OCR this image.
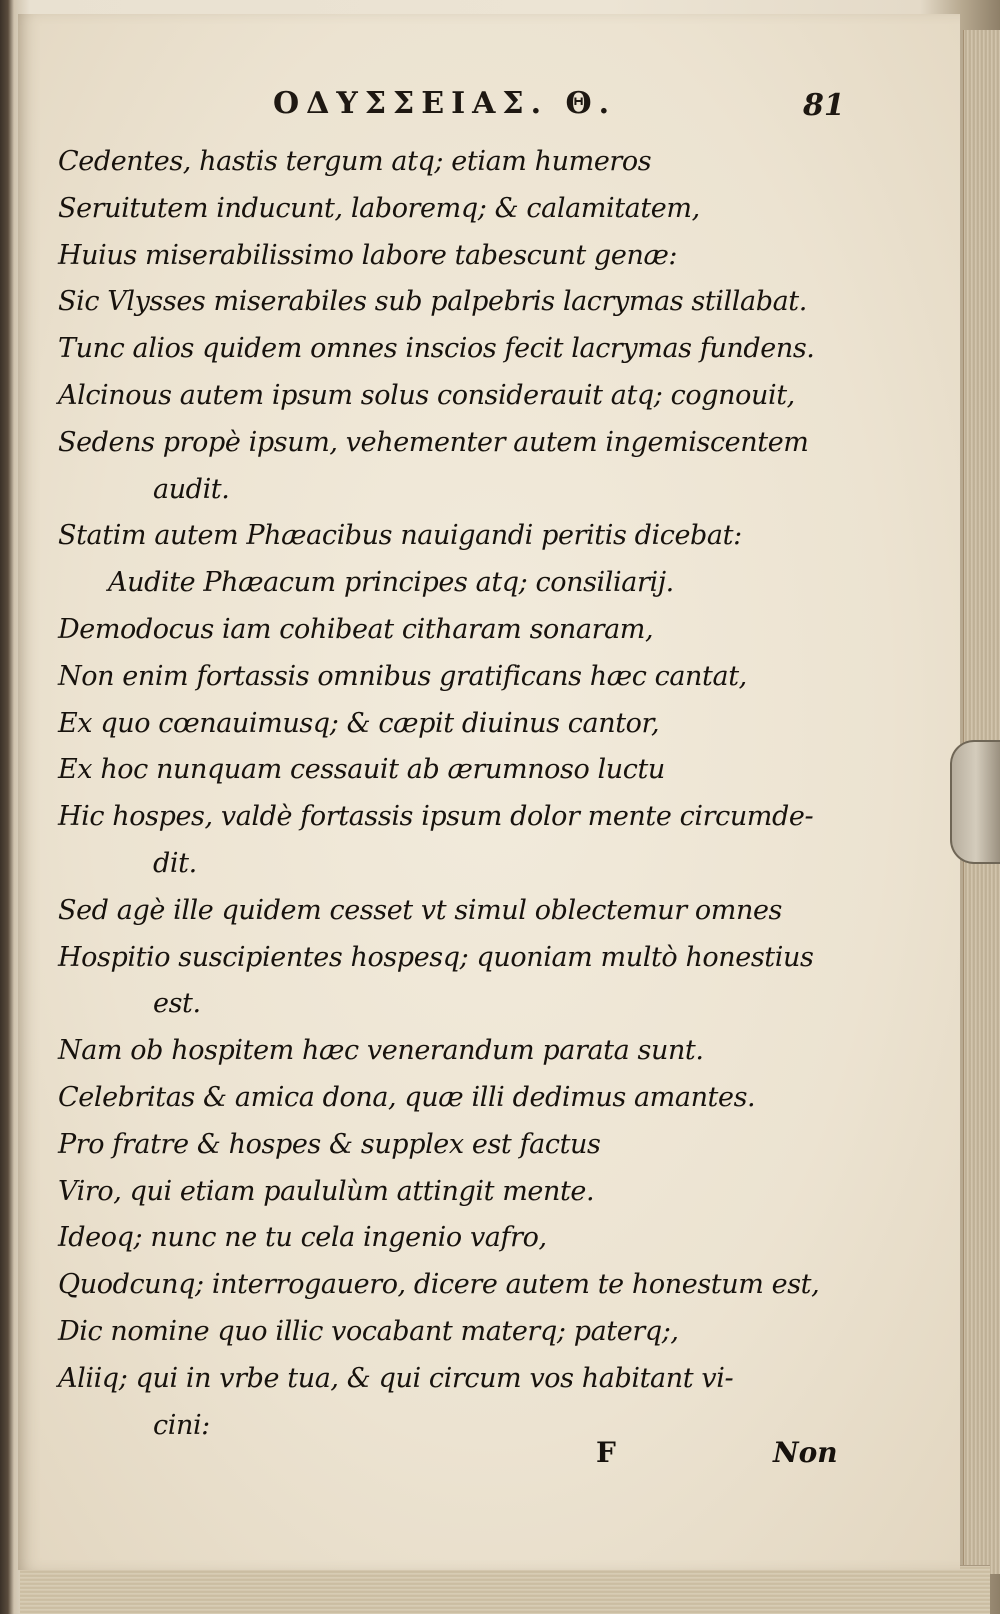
ΟΔΥΣΣΕΙΑΣ. Θ.	81
Cedentes, hastis tergum atq; etiam humeros
Seruitutem inducunt, laboremq; & calamitatem,
Huius miserabilissimo labore tabescunt genæ:
Sic Vlysses miserabiles sub palpebris lacrymas stillabat.
Tunc alios quidem omnes inscios fecit lacrymas fundens.
Alcinous autem ipsum solus considerauit atq; cognouit,
Sedens propè ipsum, vehementer autem ingemiscentem
audit.
Statim autem Phæacibus nauigandi peritis dicebat:
Audite Phæacum principes atq; consiliarij.
Demodocus iam cohibeat citharam sonaram,
Non enim fortassis omnibus gratificans hæc cantat,
Ex quo cœnauimusq; & cæpit diuinus cantor,
Ex hoc nunquam cessauit ab ærumnoso luctu
Hic hospes, valdè fortassis ipsum dolor mente circumde-
dit.
Sed agè ille quidem cesset vt simul oblectemur omnes
Hospitio suscipientes hospesq; quoniam multò honestius
est.
Nam ob hospitem hæc venerandum parata sunt.
Celebritas & amica dona, quæ illi dedimus amantes.
Pro fratre & hospes & supplex est factus
Viro, qui etiam paululùm attingit mente.
Ideoq; nunc ne tu cela ingenio vafro,
Quodcunq; interrogauero, dicere autem te honestum est,
Dic nomine quo illic vocabant materq; paterq;,
Aliiq; qui in vrbe tua, & qui circum vos habitant vi-
cini:
F	Non
